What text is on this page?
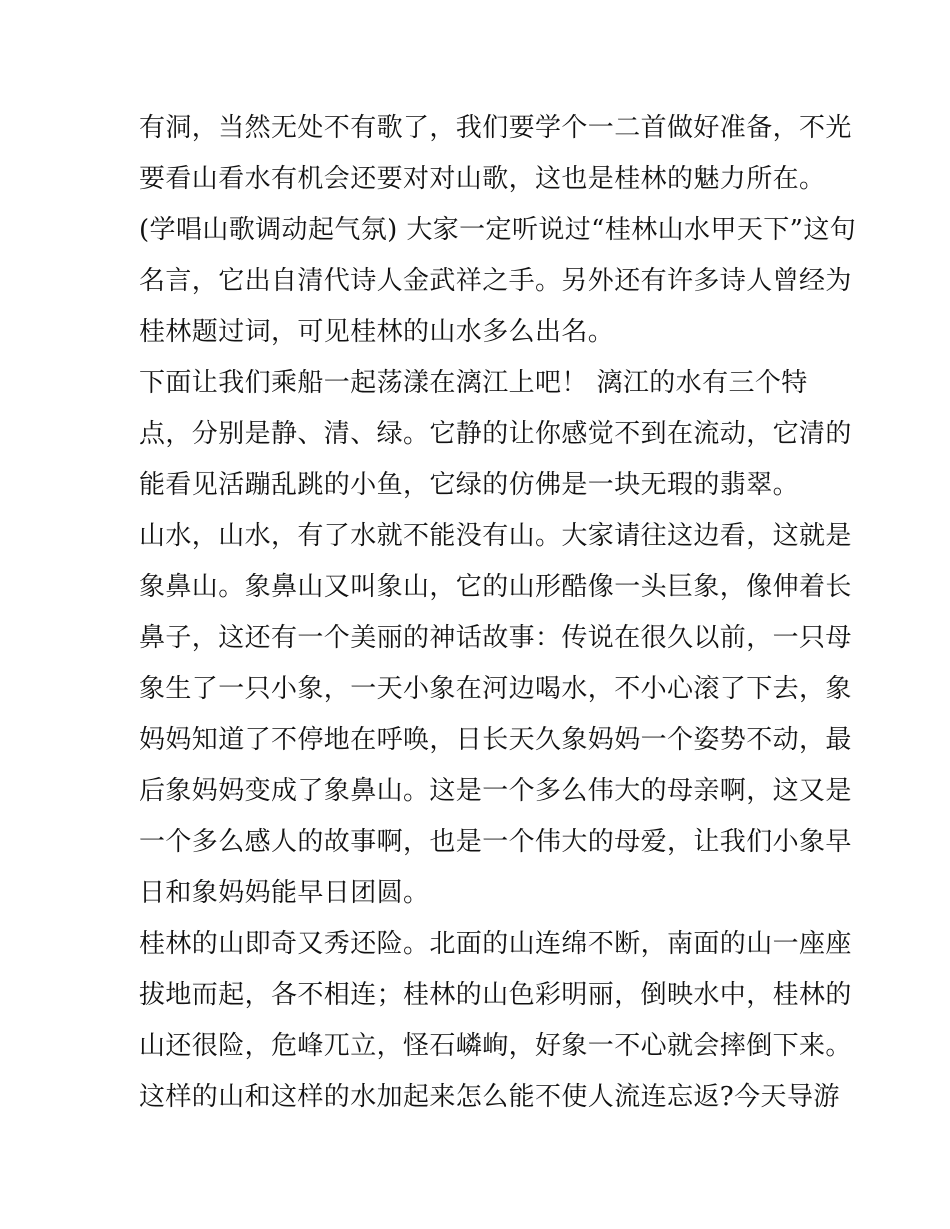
有洞，当然无处不有歌了，我们要学个一二首做好准备，不光
要看山看水有机会还要对对山歌，这也是桂林的魅力所在。
(学唱山歌调动起气氛) 大家一定听说过“桂林山水甲天下”这句
名言，它出自清代诗人金武祥之手。另外还有许多诗人曾经为
桂林题过词，可见桂林的山水多么出名。
下面让我们乘船一起荡漾在漓江上吧！ 漓江的水有三个特
点，分别是静、清、绿。它静的让你感觉不到在流动，它清的
能看见活蹦乱跳的小鱼，它绿的仿佛是一块无瑕的翡翠。
山水，山水，有了水就不能没有山。大家请往这边看，这就是
象鼻山。象鼻山又叫象山，它的山形酷像一头巨象，像伸着长
鼻子，这还有一个美丽的神话故事：传说在很久以前，一只母
象生了一只小象，一天小象在河边喝水，不小心滚了下去，象
妈妈知道了不停地在呼唤，日长天久象妈妈一个姿势不动，最
后象妈妈变成了象鼻山。这是一个多么伟大的母亲啊，这又是
一个多么感人的故事啊，也是一个伟大的母爱，让我们小象早
日和象妈妈能早日团圆。
桂林的山即奇又秀还险。北面的山连绵不断，南面的山一座座
拔地而起，各不相连；桂林的山色彩明丽，倒映水中，桂林的
山还很险，危峰兀立，怪石嶙峋，好象一不心就会摔倒下来。
这样的山和这样的水加起来怎么能不使人流连忘返?今天导游
